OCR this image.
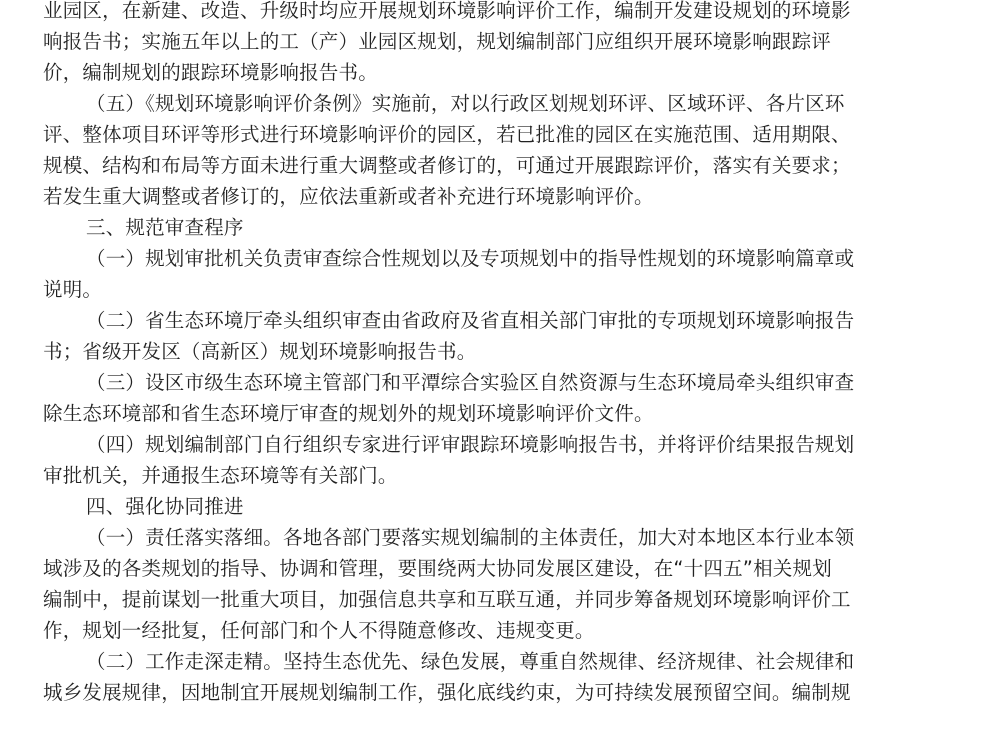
业园区，在新建、改造、升级时均应开展规划环境影响评价工作，编制开发建设规划的环境影
响报告书；实施五年以上的工（产）业园区规划，规划编制部门应组织开展环境影响跟踪评
价，编制规划的跟踪环境影响报告书。
（五）《规划环境影响评价条例》实施前，对以行政区划规划环评、区域环评、各片区环
评、整体项目环评等形式进行环境影响评价的园区，若已批准的园区在实施范围、适用期限、
规模、结构和布局等方面未进行重大调整或者修订的，可通过开展跟踪评价，落实有关要求；
若发生重大调整或者修订的，应依法重新或者补充进行环境影响评价。
三、规范审查程序
（一）规划审批机关负责审查综合性规划以及专项规划中的指导性规划的环境影响篇章或
说明。
（二）省生态环境厅牵头组织审查由省政府及省直相关部门审批的专项规划环境影响报告
书；省级开发区（高新区）规划环境影响报告书。
（三）设区市级生态环境主管部门和平潭综合实验区自然资源与生态环境局牵头组织审查
除生态环境部和省生态环境厅审查的规划外的规划环境影响评价文件。
（四）规划编制部门自行组织专家进行评审跟踪环境影响报告书，并将评价结果报告规划
审批机关，并通报生态环境等有关部门。
四、强化协同推进
（一）责任落实落细。各地各部门要落实规划编制的主体责任，加大对本地区本行业本领
域涉及的各类规划的指导、协调和管理，要围绕两大协同发展区建设，在“十四五”相关规划
编制中，提前谋划一批重大项目，加强信息共享和互联互通，并同步筹备规划环境影响评价工
作，规划一经批复，任何部门和个人不得随意修改、违规变更。
（二）工作走深走精。坚持生态优先、绿色发展，尊重自然规律、经济规律、社会规律和
城乡发展规律，因地制宜开展规划编制工作，强化底线约束，为可持续发展预留空间。编制规
